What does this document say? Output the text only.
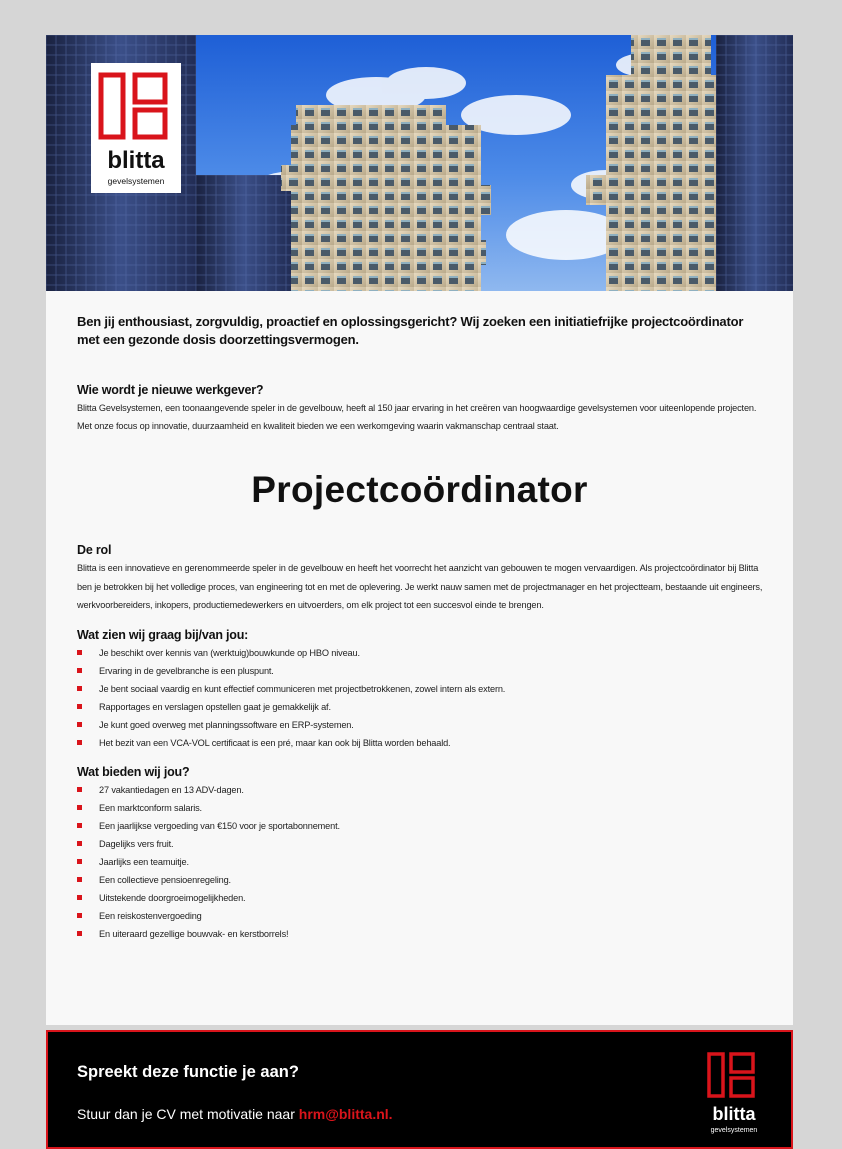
blitta
gevelsystemen
Ben jij enthousiast, zorgvuldig, proactief en oplossingsgericht? Wij zoeken een initiatiefrijke projectcoördinator met een gezonde dosis doorzettingsvermogen.
Wie wordt je nieuwe werkgever?
Blitta Gevelsystemen, een toonaangevende speler in de gevelbouw, heeft al 150 jaar ervaring in het creëren van hoogwaardige gevelsystemen voor uiteenlopende projecten. Met onze focus op innovatie, duurzaamheid en kwaliteit bieden we een werkomgeving waarin vakmanschap centraal staat.
Projectcoördinator
De rol
Blitta is een innovatieve en gerenommeerde speler in de gevelbouw en heeft het voorrecht het aanzicht van gebouwen te mogen vervaardigen. Als projectcoördinator bij Blitta ben je betrokken bij het volledige proces, van engineering tot en met de oplevering. Je werkt nauw samen met de projectmanager en het projectteam, bestaande uit engineers, werkvoorbereiders, inkopers, productiemedewerkers en uitvoerders, om elk project tot een succesvol einde te brengen.
Wat zien wij graag bij/van jou:
Je beschikt over kennis van (werktuig)bouwkunde op HBO niveau.
Ervaring in de gevelbranche is een pluspunt.
Je bent sociaal vaardig en kunt effectief communiceren met projectbetrokkenen, zowel intern als extern.
Rapportages en verslagen opstellen gaat je gemakkelijk af.
Je kunt goed overweg met planningssoftware en ERP-systemen.
Het bezit van een VCA-VOL certificaat is een pré, maar kan ook bij Blitta worden behaald.
Wat bieden wij jou?
27 vakantiedagen en 13 ADV-dagen.
Een marktconform salaris.
Een jaarlijkse vergoeding van €150 voor je sportabonnement.
Dagelijks vers fruit.
Jaarlijks een teamuitje.
Een collectieve pensioenregeling.
Uitstekende doorgroeimogelijkheden.
Een reiskostenvergoeding
En uiteraard gezellige bouwvak- en kerstborrels!
Spreekt deze functie je aan?
Stuur dan je CV met motivatie naar hrm@blitta.nl.	blitta
gevelsystemen
